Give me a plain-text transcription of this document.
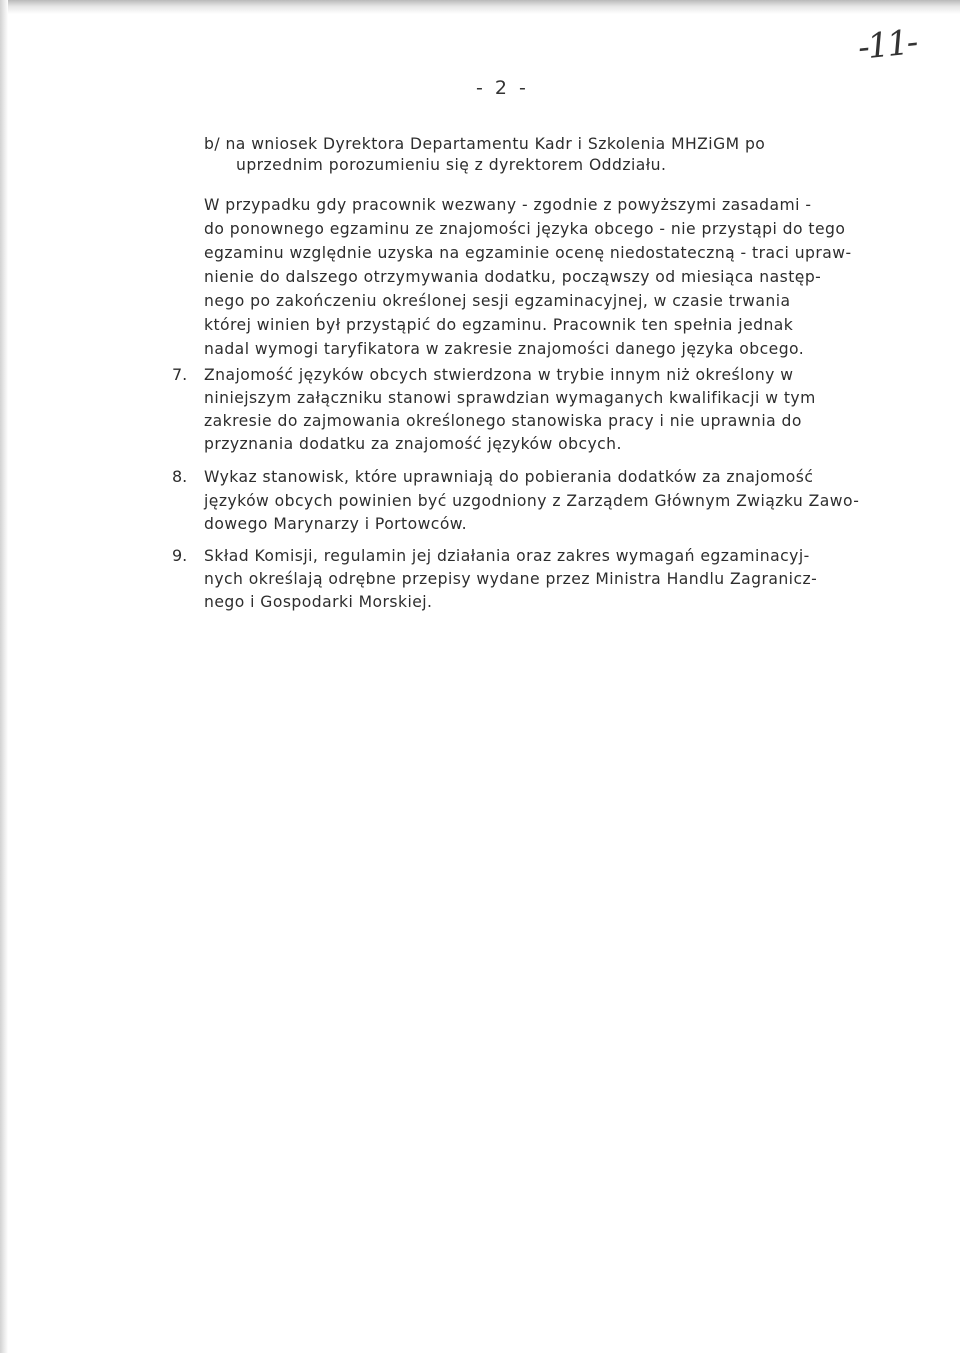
-11-
- 2 -
b/ na wniosek Dyrektora Departamentu Kadr i Szkolenia MHZiGM po
uprzednim porozumieniu się z dyrektorem Oddziału.
W przypadku gdy pracownik wezwany - zgodnie z powyższymi zasadami -
do ponownego egzaminu ze znajomości języka obcego - nie przystąpi do tego
egzaminu względnie uzyska na egzaminie ocenę niedostateczną - traci upraw-
nienie do dalszego otrzymywania dodatku, począwszy od miesiąca następ-
nego po zakończeniu określonej sesji egzaminacyjnej, w czasie trwania
której winien był przystąpić do egzaminu. Pracownik ten spełnia jednak
nadal wymogi taryfikatora w zakresie znajomości danego języka obcego.
7. Znajomość języków obcych stwierdzona w trybie innym niż określony w
niniejszym załączniku stanowi sprawdzian wymaganych kwalifikacji w tym
zakresie do zajmowania określonego stanowiska pracy i nie uprawnia do
przyznania dodatku za znajomość języków obcych.
8. Wykaz stanowisk, które uprawniają do pobierania dodatków za znajomość
języków obcych powinien być uzgodniony z Zarządem Głównym Związku Zawo-
dowego Marynarzy i Portowców.
9. Skład Komisji, regulamin jej działania oraz zakres wymagań egzaminacyj-
nych określają odrębne przepisy wydane przez Ministra Handlu Zagranicz-
nego i Gospodarki Morskiej.
